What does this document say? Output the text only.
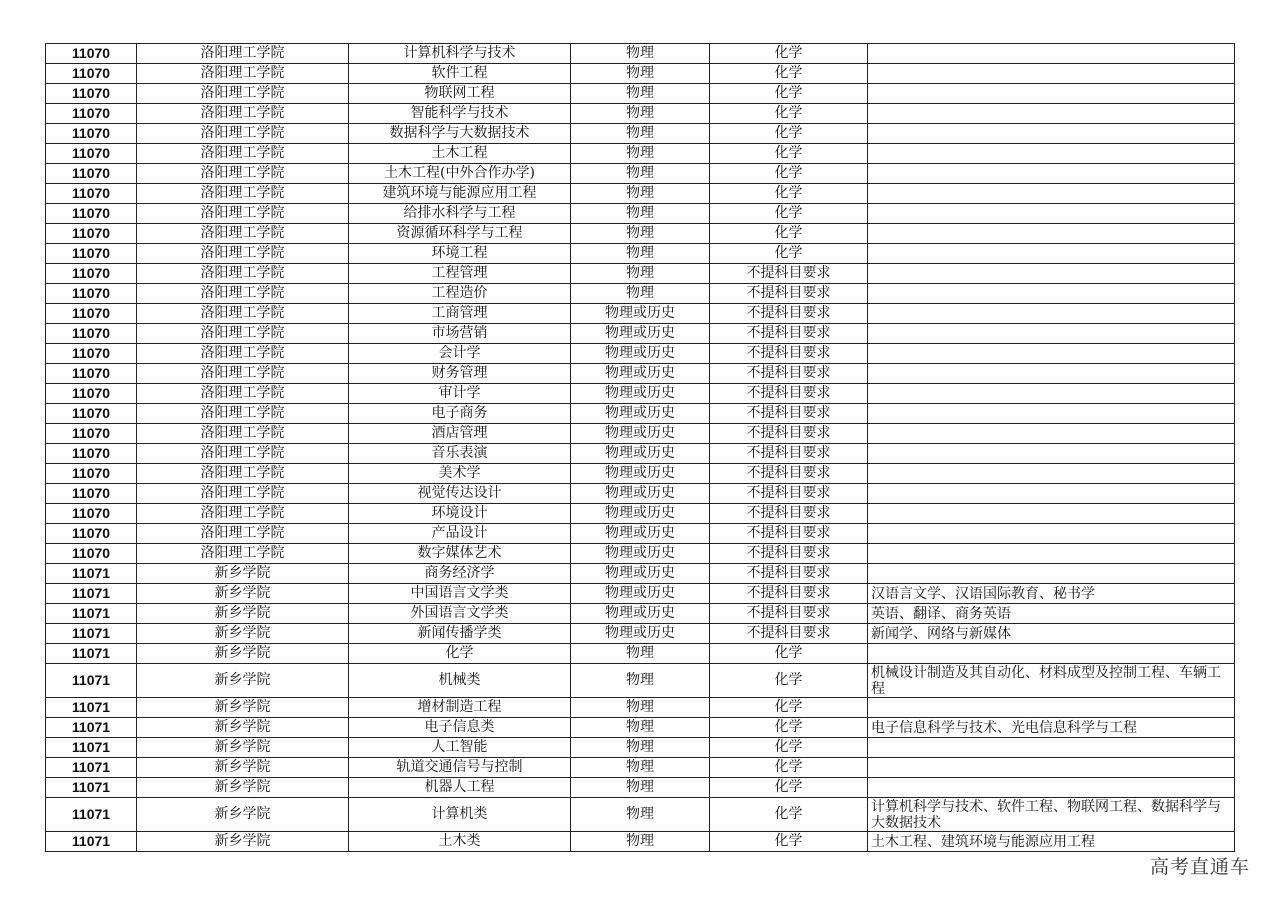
11070	洛阳理工学院	计算机科学与技术	物理	化学	
11070	洛阳理工学院	软件工程	物理	化学	
11070	洛阳理工学院	物联网工程	物理	化学	
11070	洛阳理工学院	智能科学与技术	物理	化学	
11070	洛阳理工学院	数据科学与大数据技术	物理	化学	
11070	洛阳理工学院	土木工程	物理	化学	
11070	洛阳理工学院	土木工程(中外合作办学)	物理	化学	
11070	洛阳理工学院	建筑环境与能源应用工程	物理	化学	
11070	洛阳理工学院	给排水科学与工程	物理	化学	
11070	洛阳理工学院	资源循环科学与工程	物理	化学	
11070	洛阳理工学院	环境工程	物理	化学	
11070	洛阳理工学院	工程管理	物理	不提科目要求	
11070	洛阳理工学院	工程造价	物理	不提科目要求	
11070	洛阳理工学院	工商管理	物理或历史	不提科目要求	
11070	洛阳理工学院	市场营销	物理或历史	不提科目要求	
11070	洛阳理工学院	会计学	物理或历史	不提科目要求	
11070	洛阳理工学院	财务管理	物理或历史	不提科目要求	
11070	洛阳理工学院	审计学	物理或历史	不提科目要求	
11070	洛阳理工学院	电子商务	物理或历史	不提科目要求	
11070	洛阳理工学院	酒店管理	物理或历史	不提科目要求	
11070	洛阳理工学院	音乐表演	物理或历史	不提科目要求	
11070	洛阳理工学院	美术学	物理或历史	不提科目要求	
11070	洛阳理工学院	视觉传达设计	物理或历史	不提科目要求	
11070	洛阳理工学院	环境设计	物理或历史	不提科目要求	
11070	洛阳理工学院	产品设计	物理或历史	不提科目要求	
11070	洛阳理工学院	数字媒体艺术	物理或历史	不提科目要求	
11071	新乡学院	商务经济学	物理或历史	不提科目要求	
11071	新乡学院	中国语言文学类	物理或历史	不提科目要求	汉语言文学、汉语国际教育、秘书学
11071	新乡学院	外国语言文学类	物理或历史	不提科目要求	英语、翻译、商务英语
11071	新乡学院	新闻传播学类	物理或历史	不提科目要求	新闻学、网络与新媒体
11071	新乡学院	化学	物理	化学	
11071	新乡学院	机械类	物理	化学	机械设计制造及其自动化、材料成型及控制工程、车辆工程
11071	新乡学院	增材制造工程	物理	化学	
11071	新乡学院	电子信息类	物理	化学	电子信息科学与技术、光电信息科学与工程
11071	新乡学院	人工智能	物理	化学	
11071	新乡学院	轨道交通信号与控制	物理	化学	
11071	新乡学院	机器人工程	物理	化学	
11071	新乡学院	计算机类	物理	化学	计算机科学与技术、软件工程、物联网工程、数据科学与大数据技术
11071	新乡学院	土木类	物理	化学	土木工程、建筑环境与能源应用工程
高考直通车
